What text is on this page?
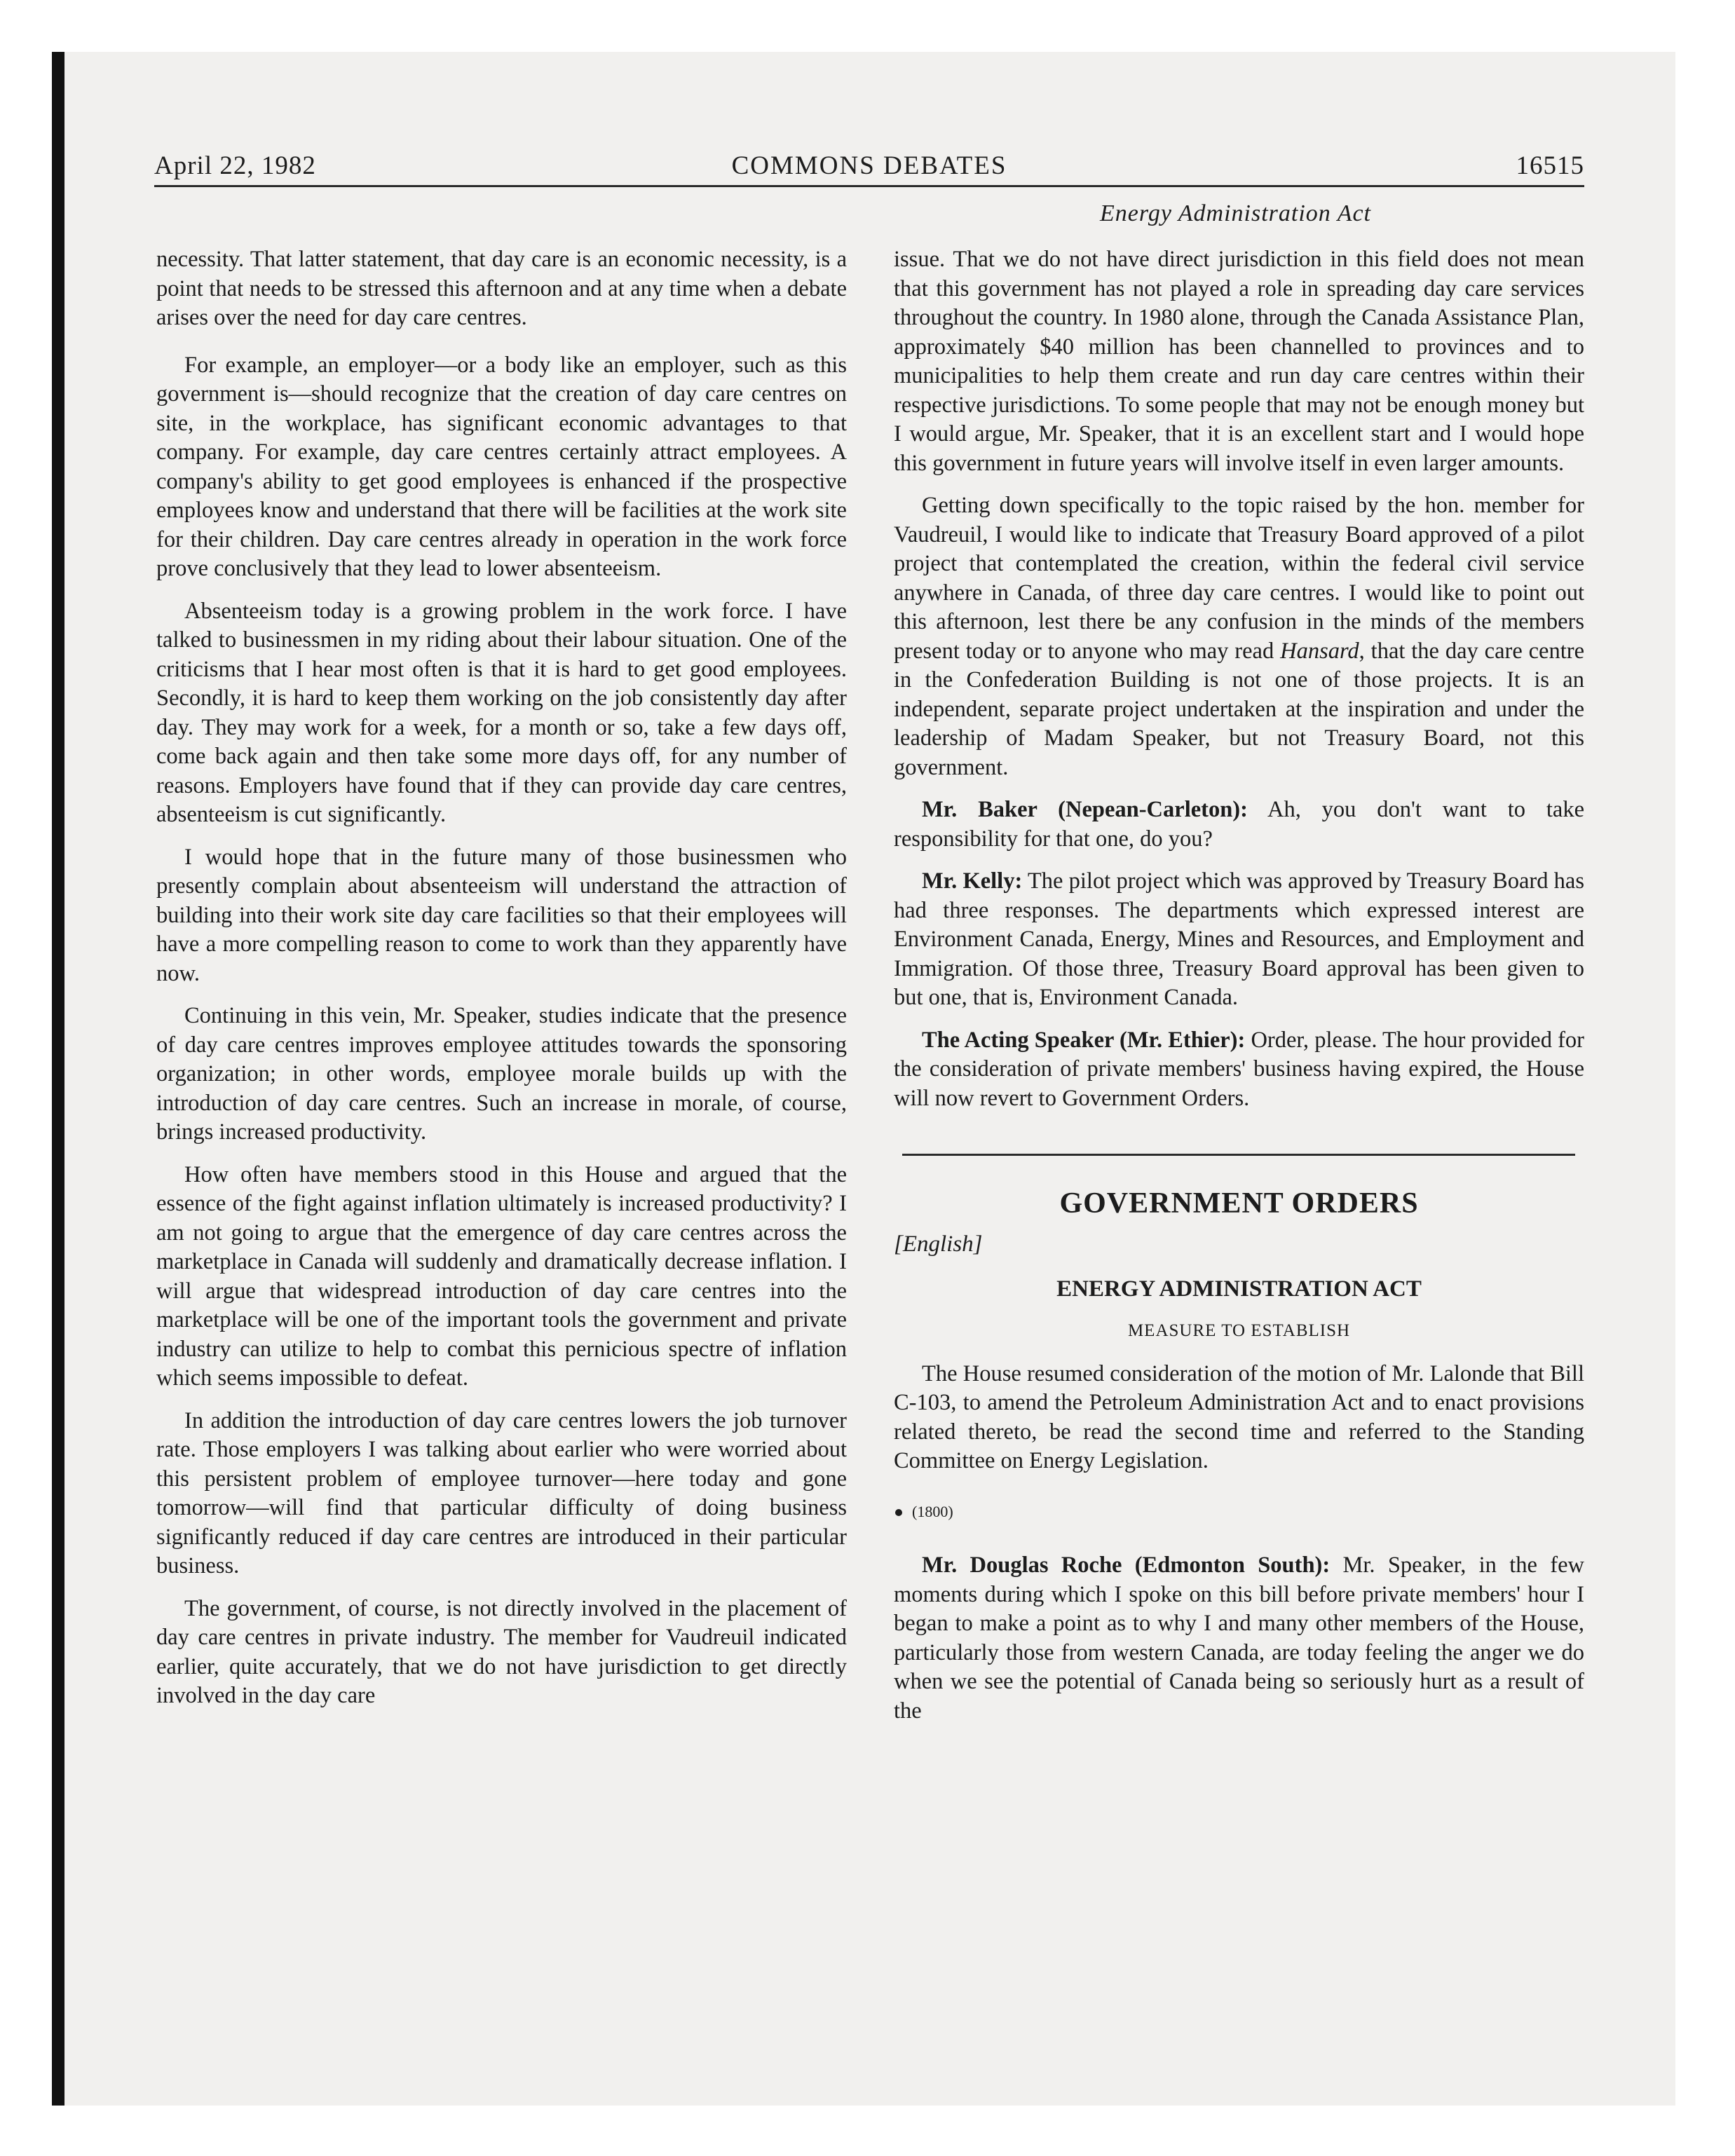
April 22, 1982	COMMONS DEBATES	16515
Energy Administration Act

necessity. That latter statement, that day care is an economic necessity, is a point that needs to be stressed this afternoon and at any time when a debate arises over the need for day care centres.

For example, an employer—or a body like an employer, such as this government is—should recognize that the creation of day care centres on site, in the workplace, has significant economic advantages to that company. For example, day care centres certainly attract employees. A company's ability to get good employees is enhanced if the prospective employees know and understand that there will be facilities at the work site for their children. Day care centres already in operation in the work force prove conclusively that they lead to lower absenteeism.

Absenteeism today is a growing problem in the work force. I have talked to businessmen in my riding about their labour situation. One of the criticisms that I hear most often is that it is hard to get good employees. Secondly, it is hard to keep them working on the job consistently day after day. They may work for a week, for a month or so, take a few days off, come back again and then take some more days off, for any number of reasons. Employers have found that if they can provide day care centres, absenteeism is cut significantly.

I would hope that in the future many of those businessmen who presently complain about absenteeism will understand the attraction of building into their work site day care facilities so that their employees will have a more compelling reason to come to work than they apparently have now.

Continuing in this vein, Mr. Speaker, studies indicate that the presence of day care centres improves employee attitudes towards the sponsoring organization; in other words, employee morale builds up with the introduction of day care centres. Such an increase in morale, of course, brings increased productivity.

How often have members stood in this House and argued that the essence of the fight against inflation ultimately is increased productivity? I am not going to argue that the emergence of day care centres across the marketplace in Canada will suddenly and dramatically decrease inflation. I will argue that widespread introduction of day care centres into the marketplace will be one of the important tools the government and private industry can utilize to help to combat this pernicious spectre of inflation which seems impossible to defeat.

In addition the introduction of day care centres lowers the job turnover rate. Those employers I was talking about earlier who were worried about this persistent problem of employee turnover—here today and gone tomorrow—will find that particular difficulty of doing business significantly reduced if day care centres are introduced in their particular business.

The government, of course, is not directly involved in the placement of day care centres in private industry. The member for Vaudreuil indicated earlier, quite accurately, that we do not have jurisdiction to get directly involved in the day care

issue. That we do not have direct jurisdiction in this field does not mean that this government has not played a role in spreading day care services throughout the country. In 1980 alone, through the Canada Assistance Plan, approximately $40 million has been channelled to provinces and to municipalities to help them create and run day care centres within their respective jurisdictions. To some people that may not be enough money but I would argue, Mr. Speaker, that it is an excellent start and I would hope this government in future years will involve itself in even larger amounts.

Getting down specifically to the topic raised by the hon. member for Vaudreuil, I would like to indicate that Treasury Board approved of a pilot project that contemplated the creation, within the federal civil service anywhere in Canada, of three day care centres. I would like to point out this afternoon, lest there be any confusion in the minds of the members present today or to anyone who may read Hansard, that the day care centre in the Confederation Building is not one of those projects. It is an independent, separate project undertaken at the inspiration and under the leadership of Madam Speaker, but not Treasury Board, not this government.

Mr. Baker (Nepean-Carleton): Ah, you don't want to take responsibility for that one, do you?

Mr. Kelly: The pilot project which was approved by Treasury Board has had three responses. The departments which expressed interest are Environment Canada, Energy, Mines and Resources, and Employment and Immigration. Of those three, Treasury Board approval has been given to but one, that is, Environment Canada.

The Acting Speaker (Mr. Ethier): Order, please. The hour provided for the consideration of private members' business having expired, the House will now revert to Government Orders.

GOVERNMENT ORDERS
[English]
ENERGY ADMINISTRATION ACT
MEASURE TO ESTABLISH

The House resumed consideration of the motion of Mr. Lalonde that Bill C-103, to amend the Petroleum Administration Act and to enact provisions related thereto, be read the second time and referred to the Standing Committee on Energy Legislation.

(1800)

Mr. Douglas Roche (Edmonton South): Mr. Speaker, in the few moments during which I spoke on this bill before private members' hour I began to make a point as to why I and many other members of the House, particularly those from western Canada, are today feeling the anger we do when we see the potential of Canada being so seriously hurt as a result of the
